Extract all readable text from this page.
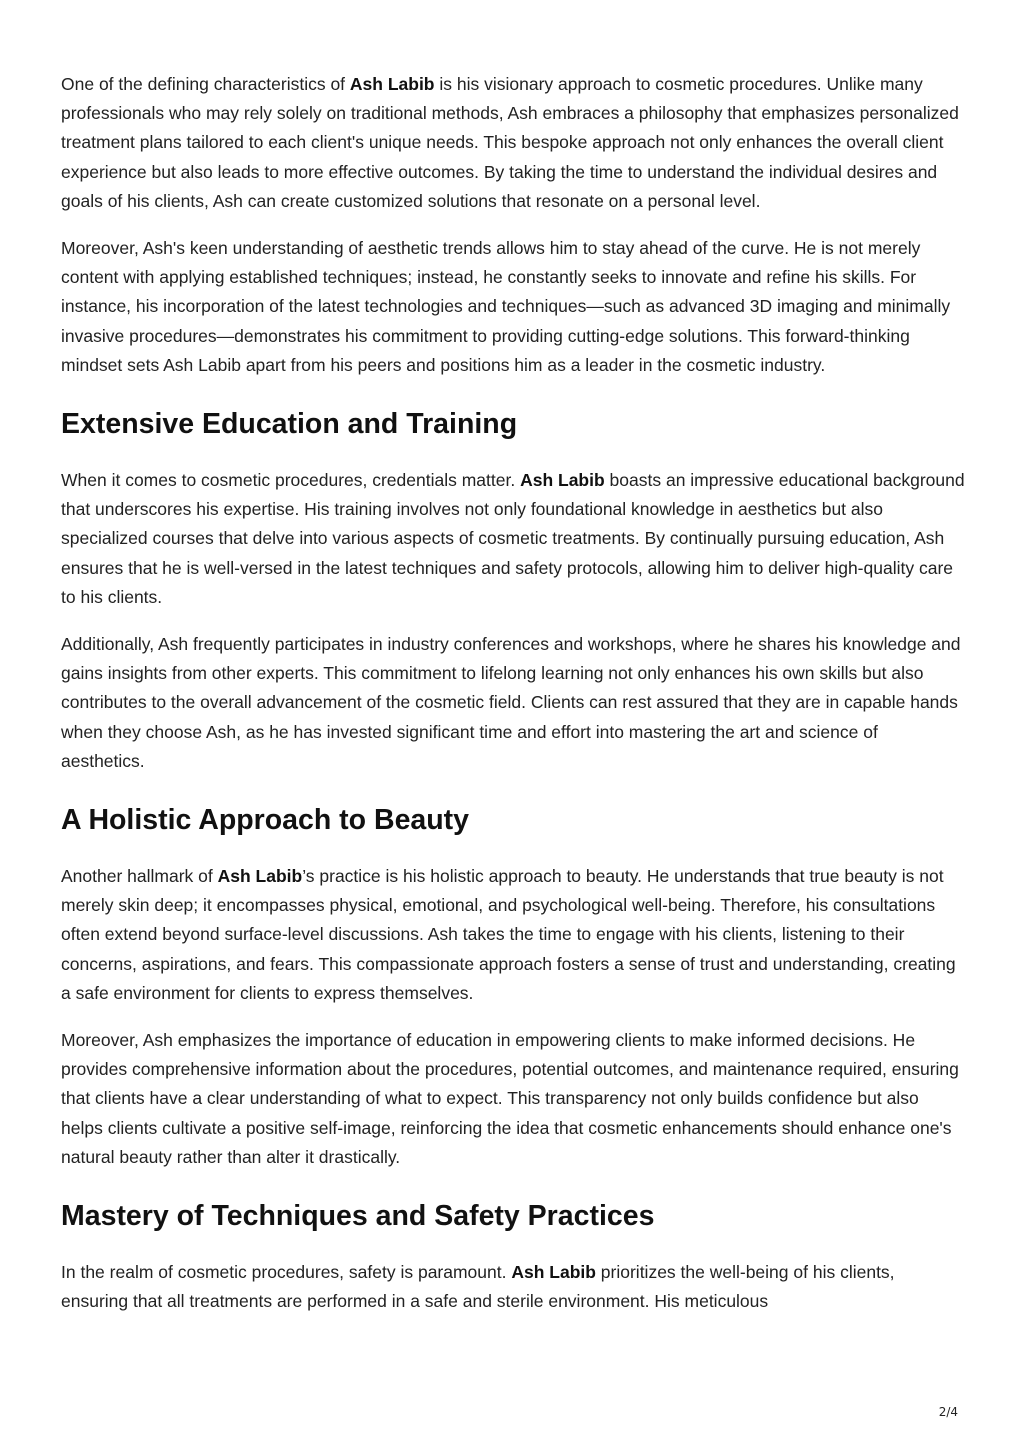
One of the defining characteristics of Ash Labib is his visionary approach to cosmetic procedures. Unlike many professionals who may rely solely on traditional methods, Ash embraces a philosophy that emphasizes personalized treatment plans tailored to each client's unique needs. This bespoke approach not only enhances the overall client experience but also leads to more effective outcomes. By taking the time to understand the individual desires and goals of his clients, Ash can create customized solutions that resonate on a personal level.

Moreover, Ash's keen understanding of aesthetic trends allows him to stay ahead of the curve. He is not merely content with applying established techniques; instead, he constantly seeks to innovate and refine his skills. For instance, his incorporation of the latest technologies and techniques—such as advanced 3D imaging and minimally invasive procedures—demonstrates his commitment to providing cutting-edge solutions. This forward-thinking mindset sets Ash Labib apart from his peers and positions him as a leader in the cosmetic industry.

Extensive Education and Training

When it comes to cosmetic procedures, credentials matter. Ash Labib boasts an impressive educational background that underscores his expertise. His training involves not only foundational knowledge in aesthetics but also specialized courses that delve into various aspects of cosmetic treatments. By continually pursuing education, Ash ensures that he is well-versed in the latest techniques and safety protocols, allowing him to deliver high-quality care to his clients.

Additionally, Ash frequently participates in industry conferences and workshops, where he shares his knowledge and gains insights from other experts. This commitment to lifelong learning not only enhances his own skills but also contributes to the overall advancement of the cosmetic field. Clients can rest assured that they are in capable hands when they choose Ash, as he has invested significant time and effort into mastering the art and science of aesthetics.

A Holistic Approach to Beauty

Another hallmark of Ash Labib’s practice is his holistic approach to beauty. He understands that true beauty is not merely skin deep; it encompasses physical, emotional, and psychological well-being. Therefore, his consultations often extend beyond surface-level discussions. Ash takes the time to engage with his clients, listening to their concerns, aspirations, and fears. This compassionate approach fosters a sense of trust and understanding, creating a safe environment for clients to express themselves.

Moreover, Ash emphasizes the importance of education in empowering clients to make informed decisions. He provides comprehensive information about the procedures, potential outcomes, and maintenance required, ensuring that clients have a clear understanding of what to expect. This transparency not only builds confidence but also helps clients cultivate a positive self-image, reinforcing the idea that cosmetic enhancements should enhance one's natural beauty rather than alter it drastically.

Mastery of Techniques and Safety Practices

In the realm of cosmetic procedures, safety is paramount. Ash Labib prioritizes the well-being of his clients, ensuring that all treatments are performed in a safe and sterile environment. His meticulous

2/4
